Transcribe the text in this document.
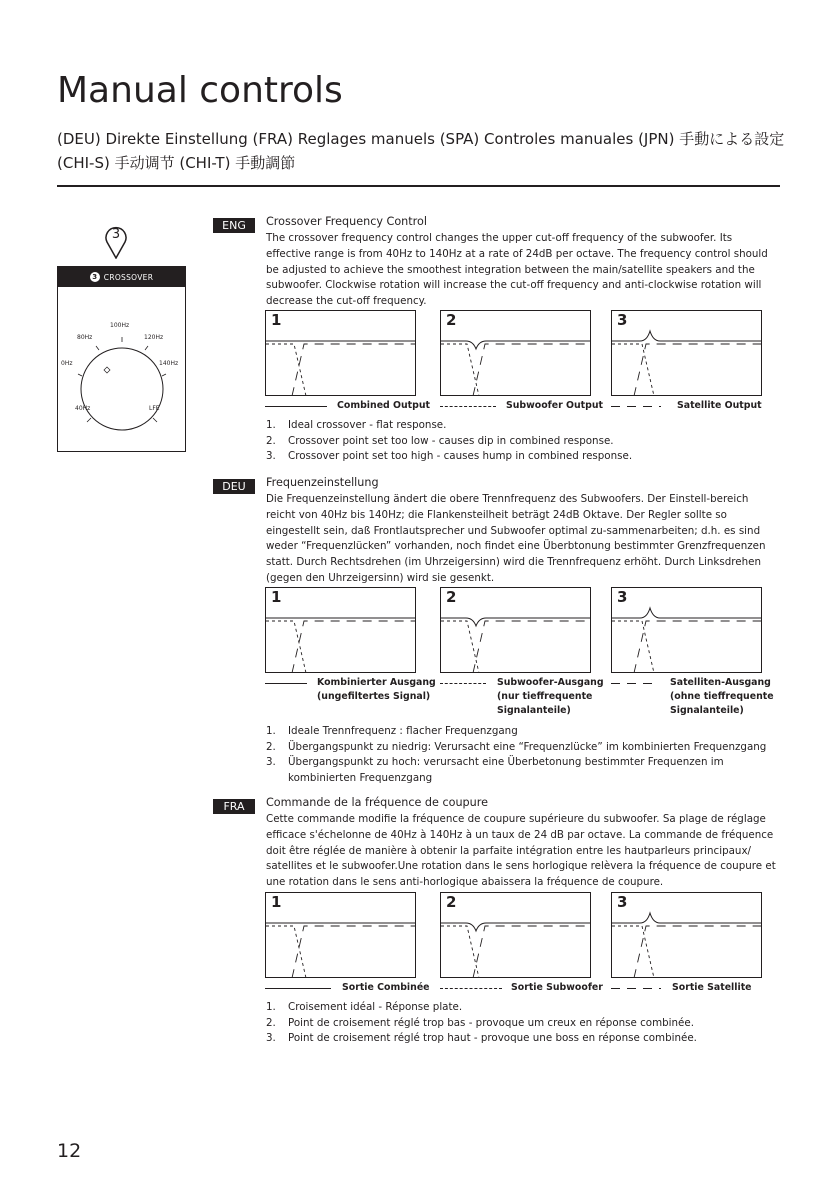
Manual controls
(DEU) Direkte Einstellung (FRA) Reglages manuels (SPA) Controles manuales (JPN) 手動による設定 (CHI-S) 手动调节 (CHI-T) 手動調節
3
3 CROSSOVER
100Hz
80Hz	120Hz
0Hz	140Hz
40Hz	LFE
ENG	Crossover Frequency Control

The crossover frequency control changes the upper cut-off frequency of the subwoofer. Its effective range is from 40Hz to 140Hz at a rate of 24dB per octave. The frequency control should be adjusted to achieve the smoothest integration between the main/satellite speakers and the subwoofer. Clockwise rotation will increase the cut-off frequency and anti-clockwise rotation will decrease the cut-off frequency.

1	2	3
Combined Output	Subwoofer Output	Satellite Output
1. Ideal crossover - flat response.
2. Crossover point set too low - causes dip in combined response.
3. Crossover point set too high - causes hump in combined response.
DEU	Frequenzeinstellung

Die Frequenzeinstellung ändert die obere Trennfrequenz des Subwoofers. Der Einstell-bereich reicht von 40Hz bis 140Hz; die Flankensteilheit beträgt 24dB Oktave. Der Regler sollte so eingestellt sein, daß Frontlautsprecher und Subwoofer optimal zu-sammenarbeiten; d.h. es sind weder “Frequenzlücken” vorhanden, noch findet eine Überbtonung bestimmter Grenzfrequenzen statt. Durch Rechtsdrehen (im Uhrzeigersinn) wird die Trennfrequenz erhöht. Durch Linksdrehen (gegen den Uhrzeigersinn) wird sie gesenkt.

1	2	3
Kombinierter Ausgang
(ungefiltertes Signal)
Subwoofer-Ausgang
(nur tieffrequente
Signalanteile)
Satelliten-Ausgang
(ohne tieffrequente
Signalanteile)
1. Ideale Trennfrequenz : flacher Frequenzgang
2. Übergangspunkt zu niedrig: Verursacht eine “Frequenzlücke” im kombinierten Frequenzgang
3. Übergangspunkt zu hoch: verursacht eine Überbetonung bestimmter Frequenzen im kombinierten Frequenzgang
FRA	Commande de la fréquence de coupure

Cette commande modifie la fréquence de coupure supérieure du subwoofer. Sa plage de réglage efficace s'échelonne de 40Hz à 140Hz à un taux de 24 dB par octave. La commande de fréquence doit être réglée de manière à obtenir la parfaite intégration entre les hautparleurs principaux/ satellites et le subwoofer.Une rotation dans le sens horlogique relèvera la fréquence de coupure et une rotation dans le sens anti-horlogique abaissera la fréquence de coupure.

1	2	3
Sortie Combinée	Sortie Subwoofer	Sortie Satellite
1. Croisement idéal - Réponse plate.
2. Point de croisement réglé trop bas - provoque um creux en réponse combinée.
3. Point de croisement réglé trop haut - provoque une boss en réponse combinée.
12
